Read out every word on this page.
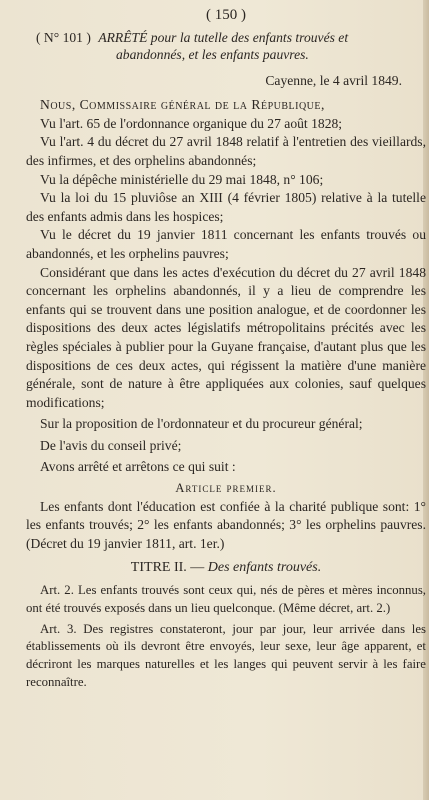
( 150 )
( N° 101 ) ARRÊTÉ pour la tutelle des enfants trouvés et
abandonnés, et les enfants pauvres.
Cayenne, le 4 avril 1849.

Nous, Commissaire général de la République,

Vu l'art. 65 de l'ordonnance organique du 27 août 1828;

Vu l'art. 4 du décret du 27 avril 1848 relatif à l'entretien des vieillards, des infirmes, et des orphelins abandonnés;

Vu la dépêche ministérielle du 29 mai 1848, n° 106;

Vu la loi du 15 pluviôse an XIII (4 février 1805) relative à la tutelle des enfants admis dans les hospices;

Vu le décret du 19 janvier 1811 concernant les enfants trouvés ou abandonnés, et les orphelins pauvres;

Considérant que dans les actes d'exécution du décret du 27 avril 1848 concernant les orphelins abandonnés, il y a lieu de comprendre les enfants qui se trouvent dans une position analogue, et de coordonner les dispositions des deux actes législatifs métropolitains précités avec les règles spéciales à publier pour la Guyane française, d'autant plus que les dispositions de ces deux actes, qui régissent la matière d'une manière générale, sont de nature à être appliquées aux colonies, sauf quelques modifications;

Sur la proposition de l'ordonnateur et du procureur général;

De l'avis du conseil privé;

Avons arrêté et arrêtons ce qui suit :

Article premier.

Les enfants dont l'éducation est confiée à la charité publique sont: 1° les enfants trouvés; 2° les enfants abandonnés; 3° les orphelins pauvres. (Décret du 19 janvier 1811, art. 1er.)

TITRE II. — Des enfants trouvés.

Art. 2. Les enfants trouvés sont ceux qui, nés de pères et mères inconnus, ont été trouvés exposés dans un lieu quelconque. (Même décret, art. 2.)

Art. 3. Des registres constateront, jour par jour, leur arrivée dans les établissements où ils devront être envoyés, leur sexe, leur âge apparent, et décriront les marques naturelles et les langes qui peuvent servir à les faire reconnaître.
